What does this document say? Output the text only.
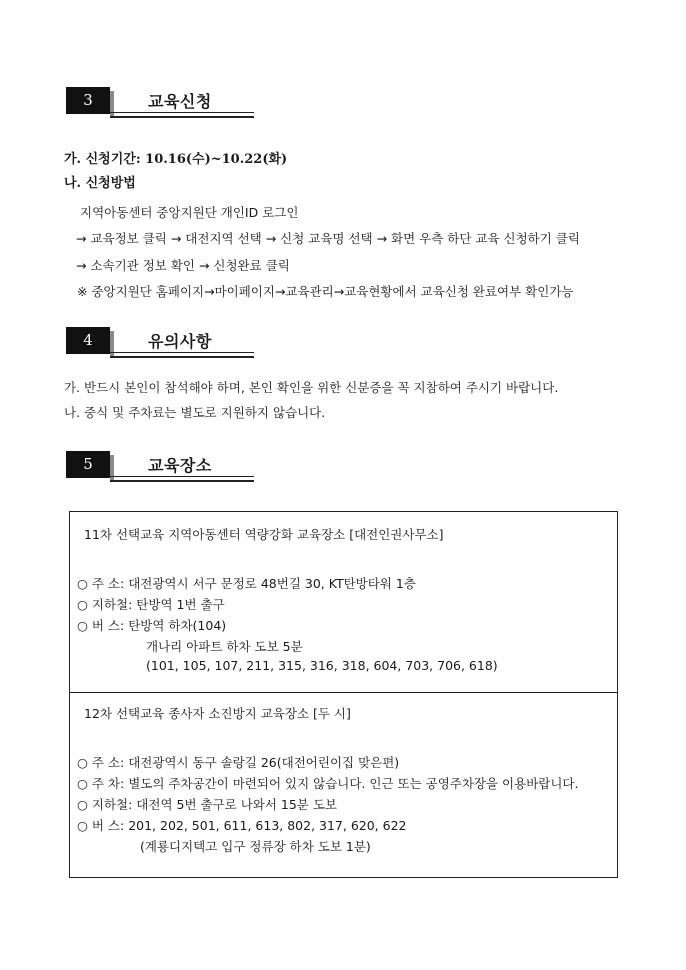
3	교육신청
가. 신청기간: 10.16(수)~10.22(화)
나. 신청방법
지역아동센터 중앙지원단 개인ID 로그인
→ 교육정보 클릭 → 대전지역 선택 → 신청 교육명 선택 → 화면 우측 하단 교육 신청하기 클릭
→ 소속기관 정보 확인 → 신청완료 클릭
※ 중앙지원단 홈페이지→마이페이지→교육관리→교육현황에서 교육신청 완료여부 확인가능
4	유의사항
가. 반드시 본인이 참석해야 하며, 본인 확인을 위한 신분증을 꼭 지참하여 주시기 바랍니다.
나. 중식 및 주차료는 별도로 지원하지 않습니다.
5	교육장소
11차 선택교육 지역아동센터 역량강화 교육장소 [대전인권사무소]
○ 주 소: 대전광역시 서구 문정로 48번길 30, KT탄방타워 1층
○ 지하철: 탄방역 1번 출구
○ 버 스: 탄방역 하차(104)
개나리 아파트 하차 도보 5분
(101, 105, 107, 211, 315, 316, 318, 604, 703, 706, 618)
12차 선택교육 종사자 소진방지 교육장소 [두 시]
○ 주 소: 대전광역시 동구 솔랑길 26(대전어린이집 맞은편)
○ 주 차: 별도의 주차공간이 마련되어 있지 않습니다. 인근 또는 공영주차장을 이용바랍니다.
○ 지하철: 대전역 5번 출구로 나와서 15분 도보
○ 버 스: 201, 202, 501, 611, 613, 802, 317, 620, 622
(계룡디지텍고 입구 정류장 하차 도보 1분)
